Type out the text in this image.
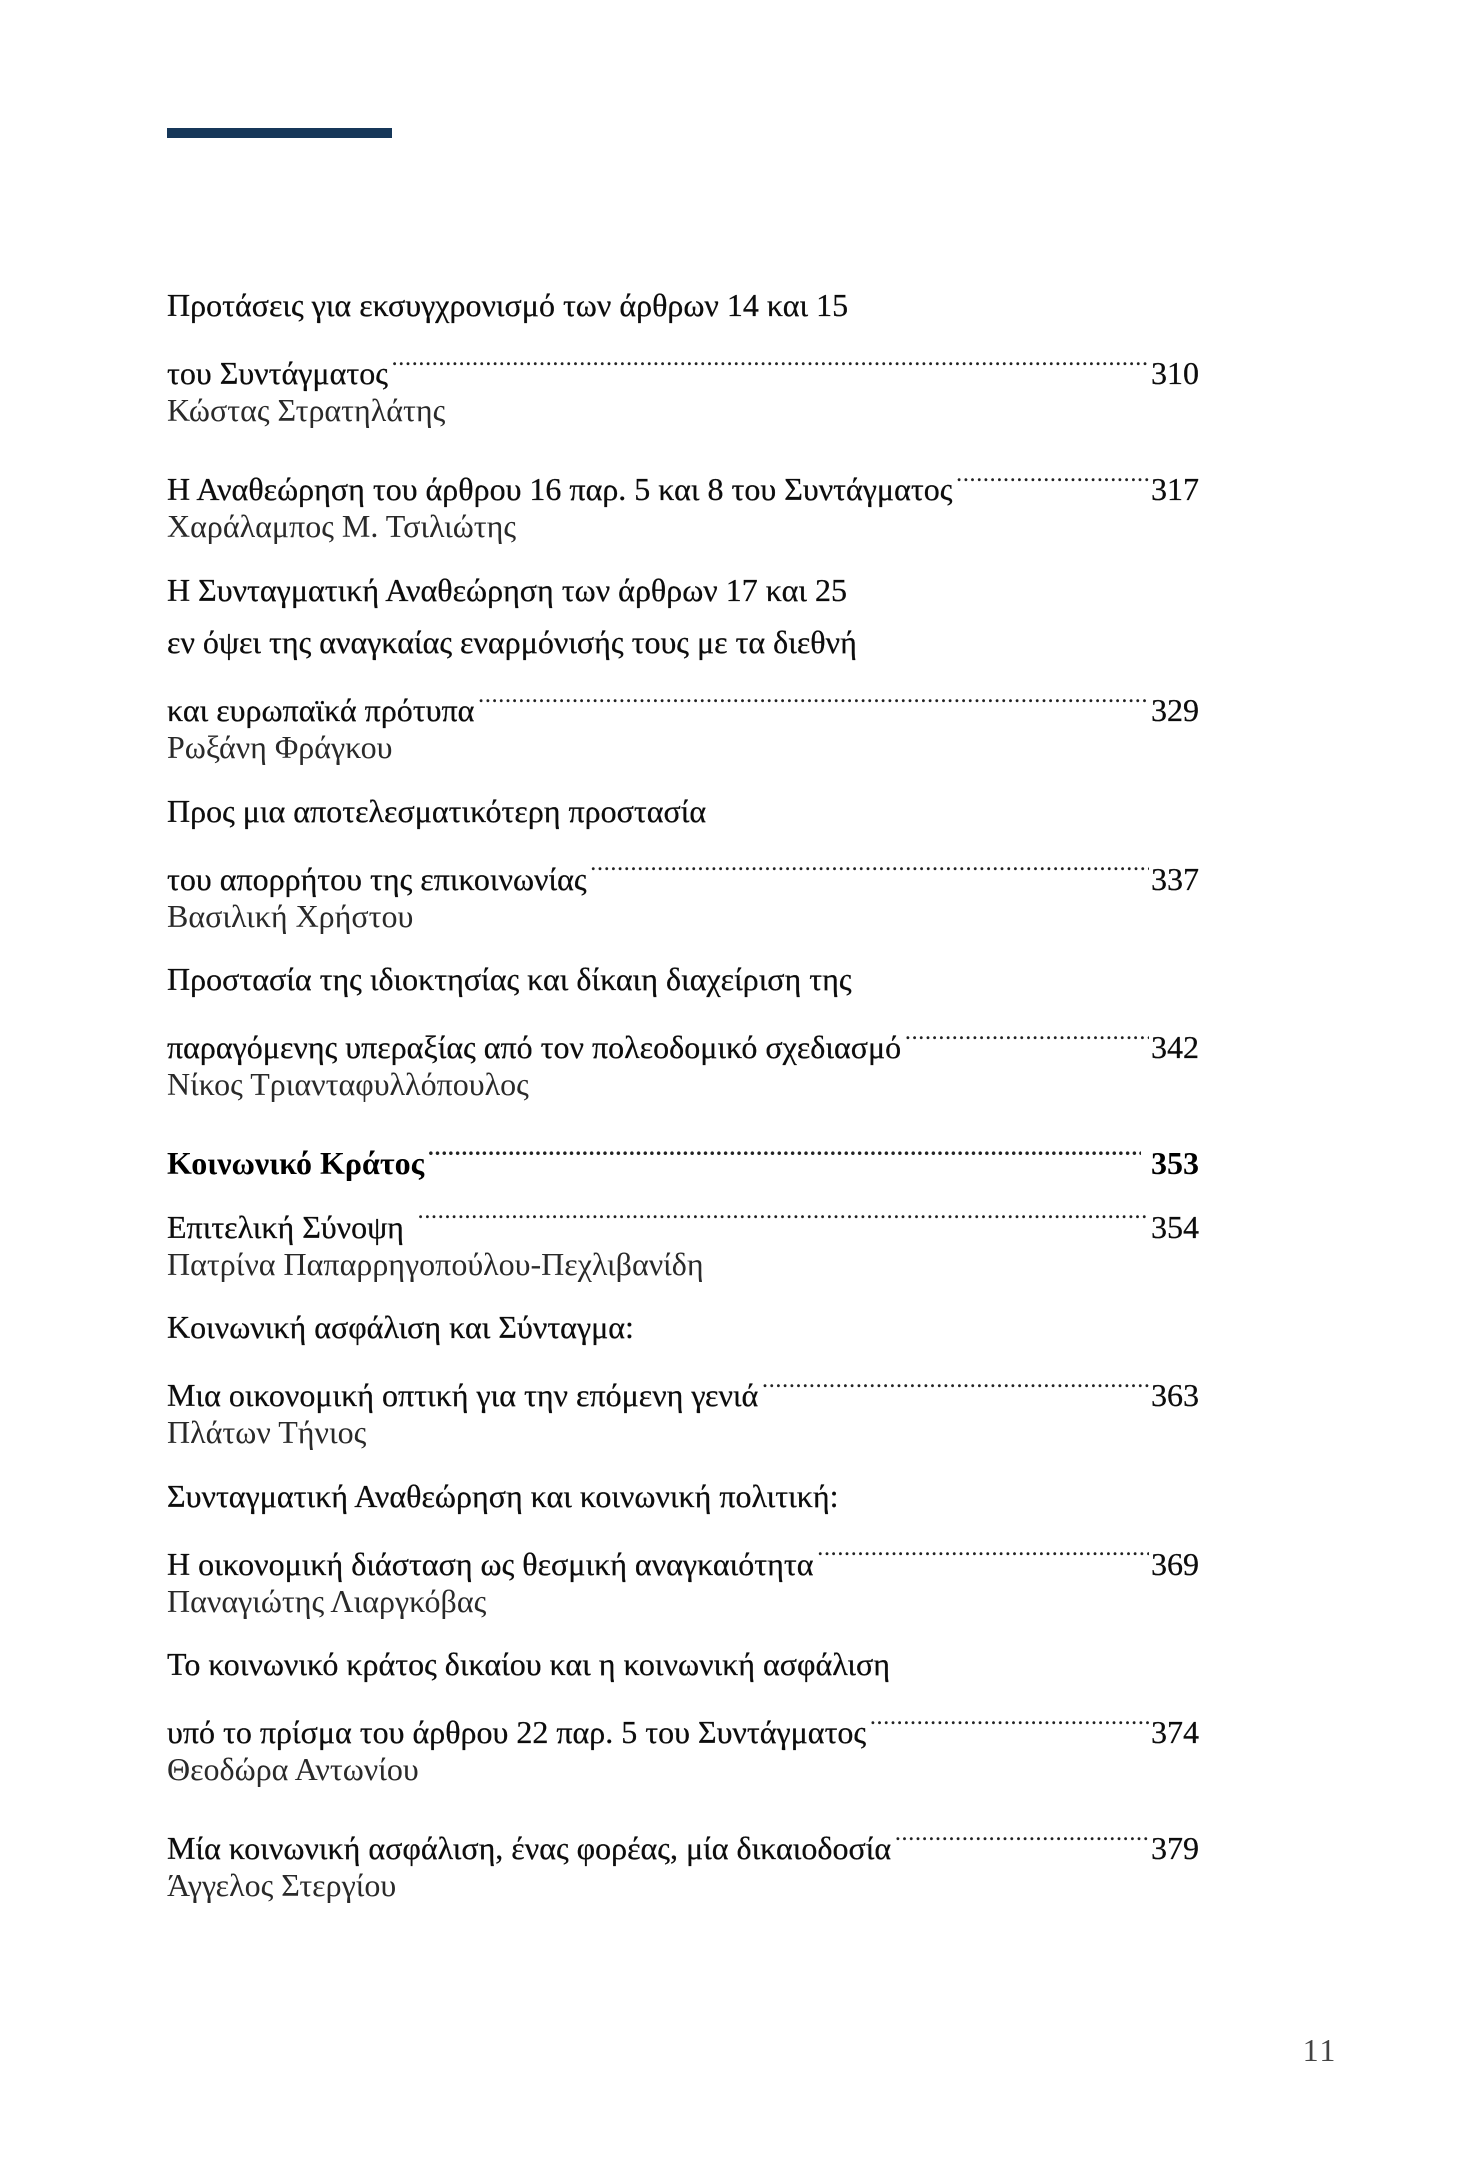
Προτάσεις για εκσυγχρονισμό των άρθρων 14 και 15
του Συντάγματος .....	310
Κώστας Στρατηλάτης
Η Αναθεώρηση του άρθρου 16 παρ. 5 και 8 του Συντάγματος .....	317
Χαράλαμπος Μ. Τσιλιώτης
Η Συνταγματική Αναθεώρηση των άρθρων 17 και 25
εν όψει της αναγκαίας εναρμόνισής τους με τα διεθνή
και ευρωπαϊκά πρότυπα .....	329
Ρωξάνη Φράγκου
Προς μια αποτελεσματικότερη προστασία
του απορρήτου της επικοινωνίας .....	337
Βασιλική Χρήστου
Προστασία της ιδιοκτησίας και δίκαιη διαχείριση της
παραγόμενης υπεραξίας από τον πολεοδομικό σχεδιασμό .....	342
Νίκος Τριανταφυλλόπουλος
Κοινωνικό Κράτος .....	353
Επιτελική Σύνοψη .....	354
Πατρίνα Παπαρρηγοπούλου-Πεχλιβανίδη
Κοινωνική ασφάλιση και Σύνταγμα:
Μια οικονομική οπτική για την επόμενη γενιά .....	363
Πλάτων Τήνιος
Συνταγματική Αναθεώρηση και κοινωνική πολιτική:
Η οικονομική διάσταση ως θεσμική αναγκαιότητα .....	369
Παναγιώτης Λιαργκόβας
Το κοινωνικό κράτος δικαίου και η κοινωνική ασφάλιση
υπό το πρίσμα του άρθρου 22 παρ. 5 του Συντάγματος .....	374
Θεοδώρα Αντωνίου
Μία κοινωνική ασφάλιση, ένας φορέας, μία δικαιοδοσία .....	379
Άγγελος Στεργίου
11
